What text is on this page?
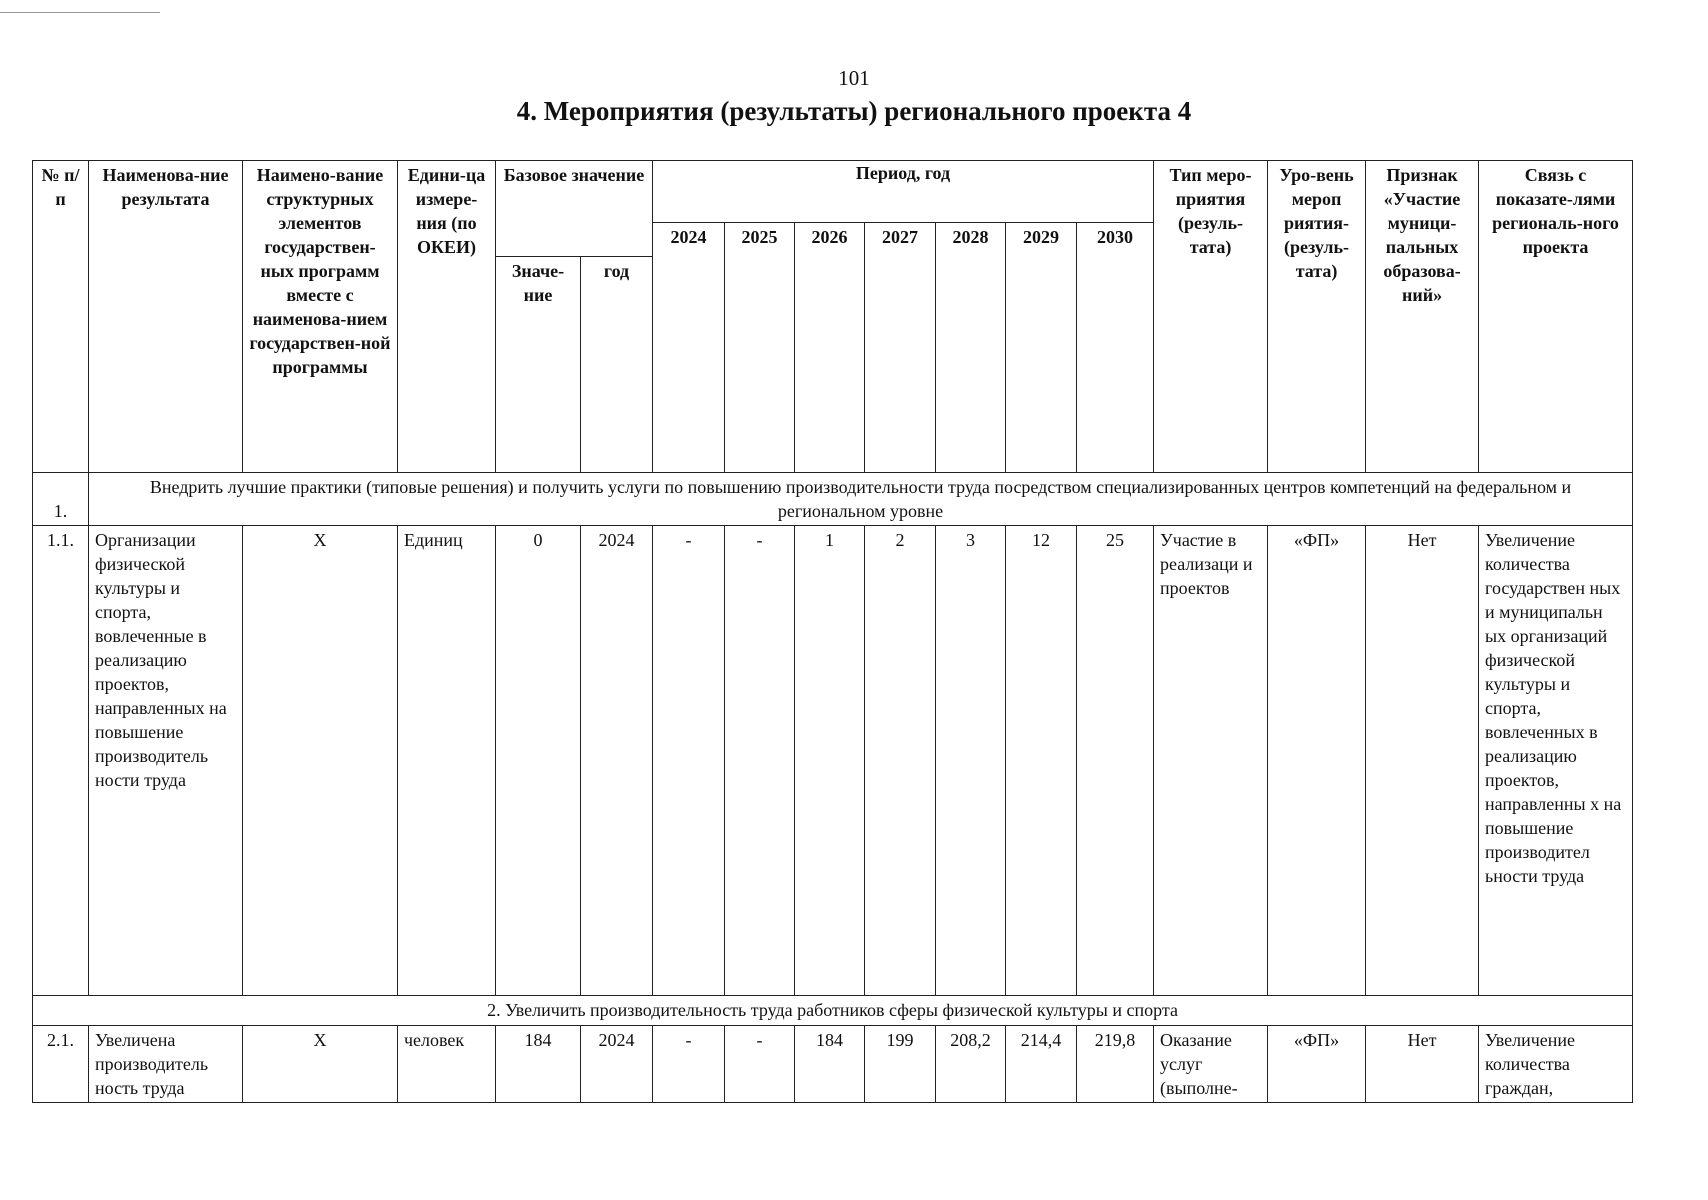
101
4. Мероприятия (результаты) регионального проекта 4
№ п/п	Наименова-ние результата	Наимено-вание структурных элементов государствен-ных программ вместе с наименова-нием государствен-ной программы	Едини-ца измере-ния (по ОКЕИ)	Базовое значение		Период, год							Тип меро-приятия (резуль-тата)	Уро-вень мероп риятия-(резуль-тата)	Признак «Участие муници-пальных образова-ний»	Связь с показате-лями региональ-ного проекта
						2024	2025	2026	2027	2028	2029	2030				
				Значе-ние	год											
1.	Внедрить лучшие практики (типовые решения) и получить услуги по повышению производительности труда посредством специализированных центров компетенций на федеральном и региональном уровне															
1.1.	Организации физической культуры и спорта, вовлеченные в реализацию проектов, направленных на повышение производитель ности труда	X	Единиц	0	2024	-	-	1	2	3	12	25	Участие в реализаци и проектов	«ФП»	Нет	Увеличение количества государствен ных и муниципальн ых организаций физической культуры и спорта, вовлеченных в реализацию проектов, направленны х на повышение производител ьности труда
2. Увеличить производительность труда работников сферы физической культуры и спорта																
2.1.	Увеличена производитель ность труда	X	человек	184	2024	-	-	184	199	208,2	214,4	219,8	Оказание услуг (выполне-	«ФП»	Нет	Увеличение количества граждан,
